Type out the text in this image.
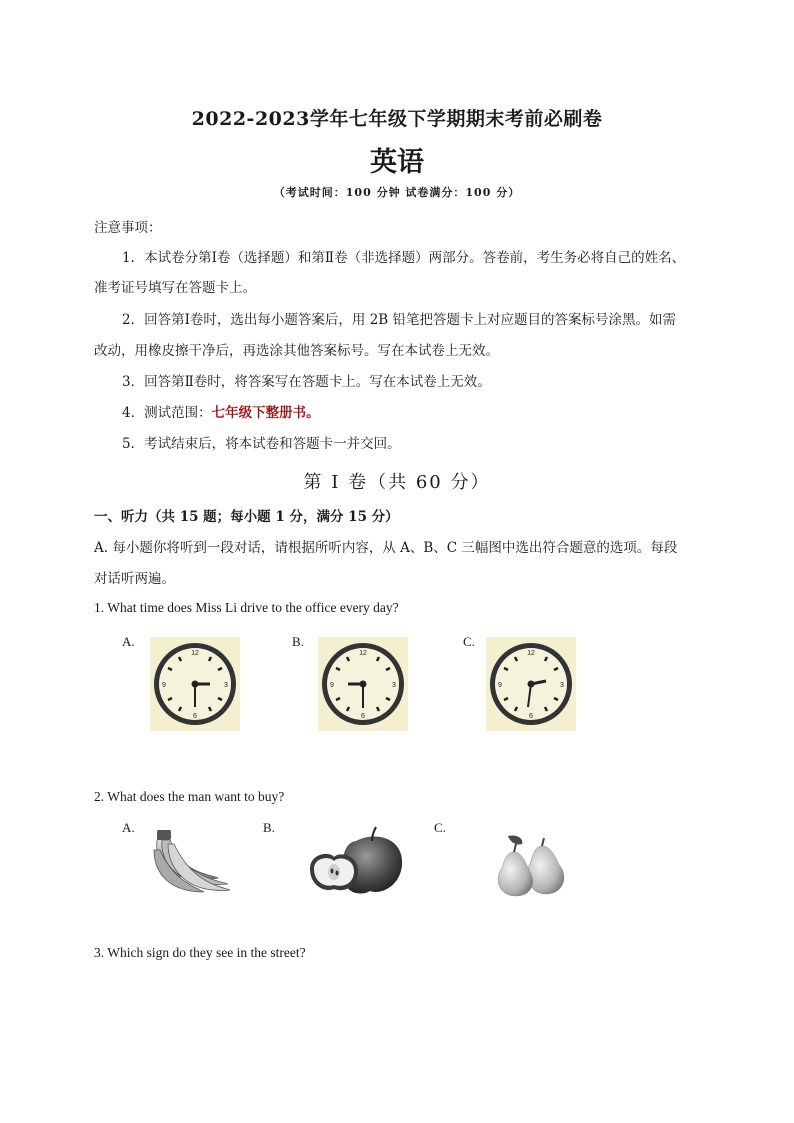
2022-2023学年七年级下学期期末考前必刷卷
英语
（考试时间：100 分钟 试卷满分：100 分）
注意事项：
1．本试卷分第Ⅰ卷（选择题）和第Ⅱ卷（非选择题）两部分。答卷前，考生务必将自己的姓名、
准考证号填写在答题卡上。
2．回答第Ⅰ卷时，选出每小题答案后，用 2B 铅笔把答题卡上对应题目的答案标号涂黑。如需
改动，用橡皮擦干净后，再选涂其他答案标号。写在本试卷上无效。
3．回答第Ⅱ卷时，将答案写在答题卡上。写在本试卷上无效。
4．测试范围：七年级下整册书。
5．考试结束后，将本试卷和答题卡一并交回。
第 I 卷（共 60 分）
一、听力（共 15 题；每小题 1 分，满分 15 分）
A. 每小题你将听到一段对话，请根据所听内容，从 A、B、C 三幅图中选出符合题意的选项。每段
对话听两遍。
1. What time does Miss Li drive to the office every day?
A.	B.	C.
12
3
6
9
12
3
6
9
12
3
6
9
2. What does the man want to buy?
A.	B.	C.
3. Which sign do they see in the street?
